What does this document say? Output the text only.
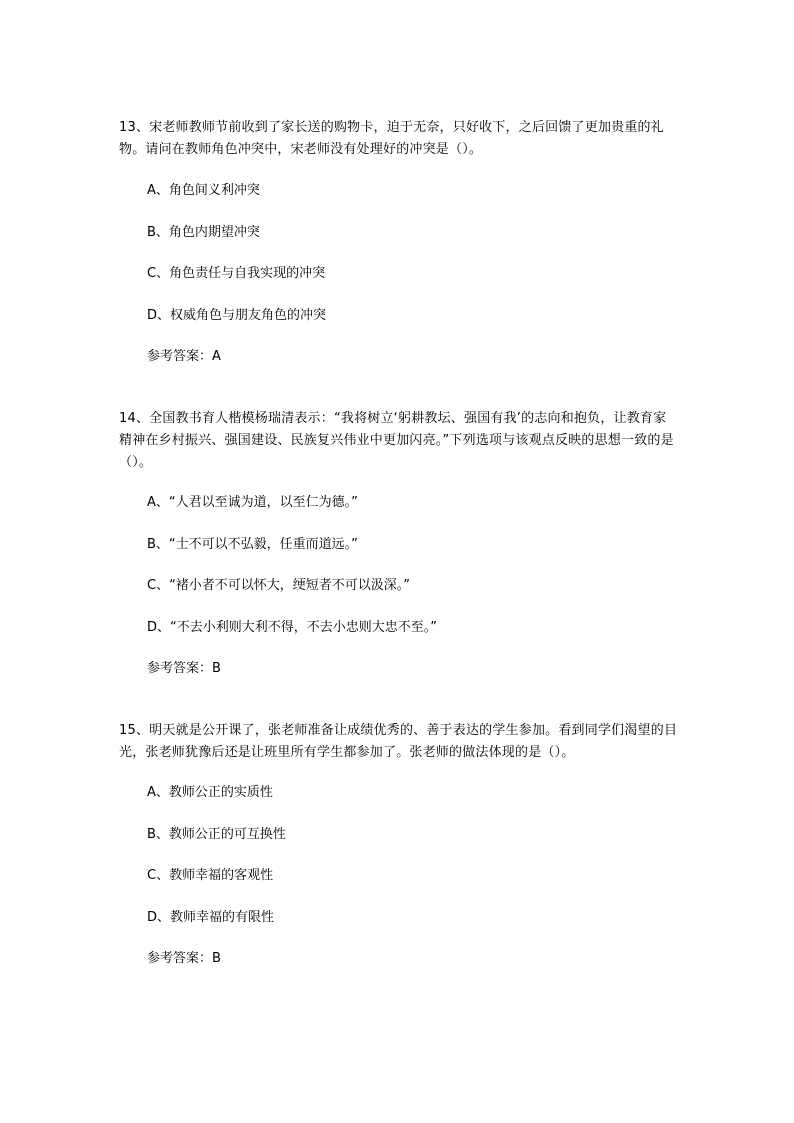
13、宋老师教师节前收到了家长送的购物卡，迫于无奈，只好收下，之后回馈了更加贵重的礼物。请问在教师角色冲突中，宋老师没有处理好的冲突是（）。

A、角色间义利冲突
B、角色内期望冲突
C、角色责任与自我实现的冲突
D、权威角色与朋友角色的冲突
参考答案：A

14、全国教书育人楷模杨瑞清表示：“我将树立‘躬耕教坛、强国有我’的志向和抱负，让教育家精神在乡村振兴、强国建设、民族复兴伟业中更加闪亮。”下列选项与该观点反映的思想一致的是（）。

A、“人君以至诚为道，以至仁为德。”
B、“士不可以不弘毅，任重而道远。”
C、“褚小者不可以怀大，绠短者不可以汲深。”
D、“不去小利则大利不得，不去小忠则大忠不至。”
参考答案：B

15、明天就是公开课了，张老师准备让成绩优秀的、善于表达的学生参加。看到同学们渴望的目光，张老师犹豫后还是让班里所有学生都参加了。张老师的做法体现的是（）。

A、教师公正的实质性
B、教师公正的可互换性
C、教师幸福的客观性
D、教师幸福的有限性
参考答案：B
